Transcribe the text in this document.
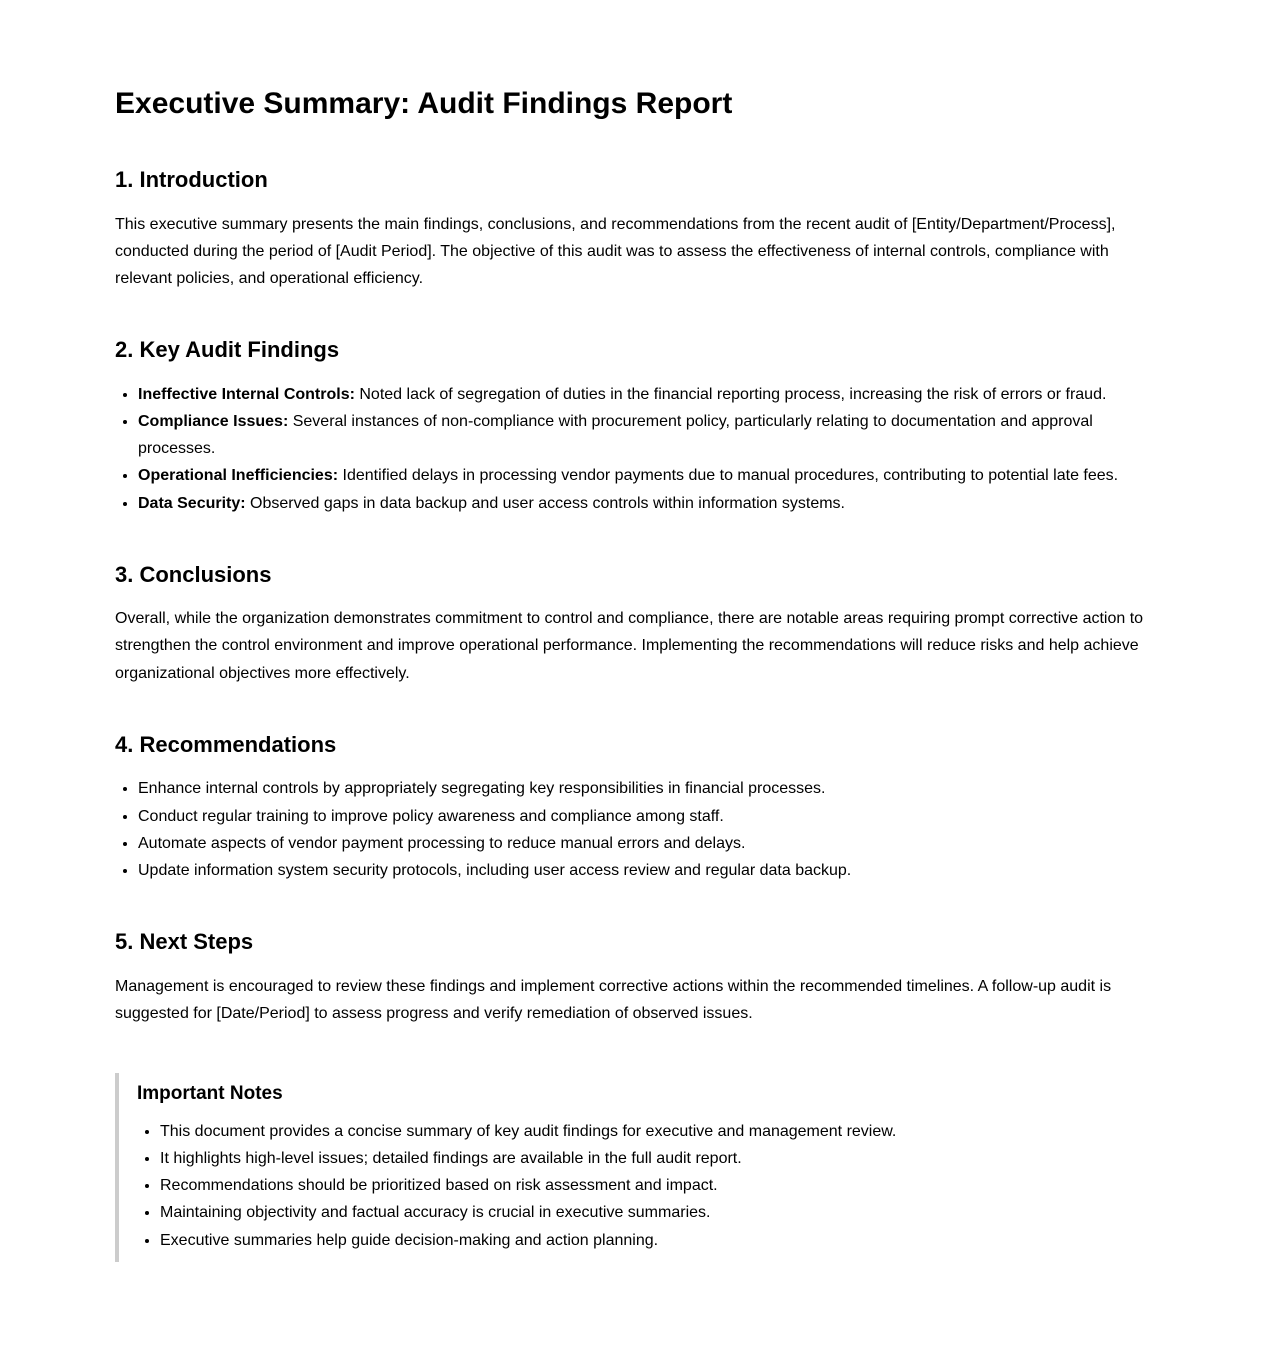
Executive Summary: Audit Findings Report
1. Introduction

This executive summary presents the main findings, conclusions, and recommendations from the recent audit of [Entity/Department/Process], conducted during the period of [Audit Period]. The objective of this audit was to assess the effectiveness of internal controls, compliance with relevant policies, and operational efficiency.

2. Key Audit Findings
• Ineffective Internal Controls: Noted lack of segregation of duties in the financial reporting process, increasing the risk of errors or fraud.
• Compliance Issues: Several instances of non-compliance with procurement policy, particularly relating to documentation and approval processes.
• Operational Inefficiencies: Identified delays in processing vendor payments due to manual procedures, contributing to potential late fees.
• Data Security: Observed gaps in data backup and user access controls within information systems.
3. Conclusions

Overall, while the organization demonstrates commitment to control and compliance, there are notable areas requiring prompt corrective action to strengthen the control environment and improve operational performance. Implementing the recommendations will reduce risks and help achieve organizational objectives more effectively.

4. Recommendations
• Enhance internal controls by appropriately segregating key responsibilities in financial processes.
• Conduct regular training to improve policy awareness and compliance among staff.
• Automate aspects of vendor payment processing to reduce manual errors and delays.
• Update information system security protocols, including user access review and regular data backup.
5. Next Steps

Management is encouraged to review these findings and implement corrective actions within the recommended timelines. A follow-up audit is suggested for [Date/Period] to assess progress and verify remediation of observed issues.

Important Notes
• This document provides a concise summary of key audit findings for executive and management review.
• It highlights high-level issues; detailed findings are available in the full audit report.
• Recommendations should be prioritized based on risk assessment and impact.
• Maintaining objectivity and factual accuracy is crucial in executive summaries.
• Executive summaries help guide decision-making and action planning.
